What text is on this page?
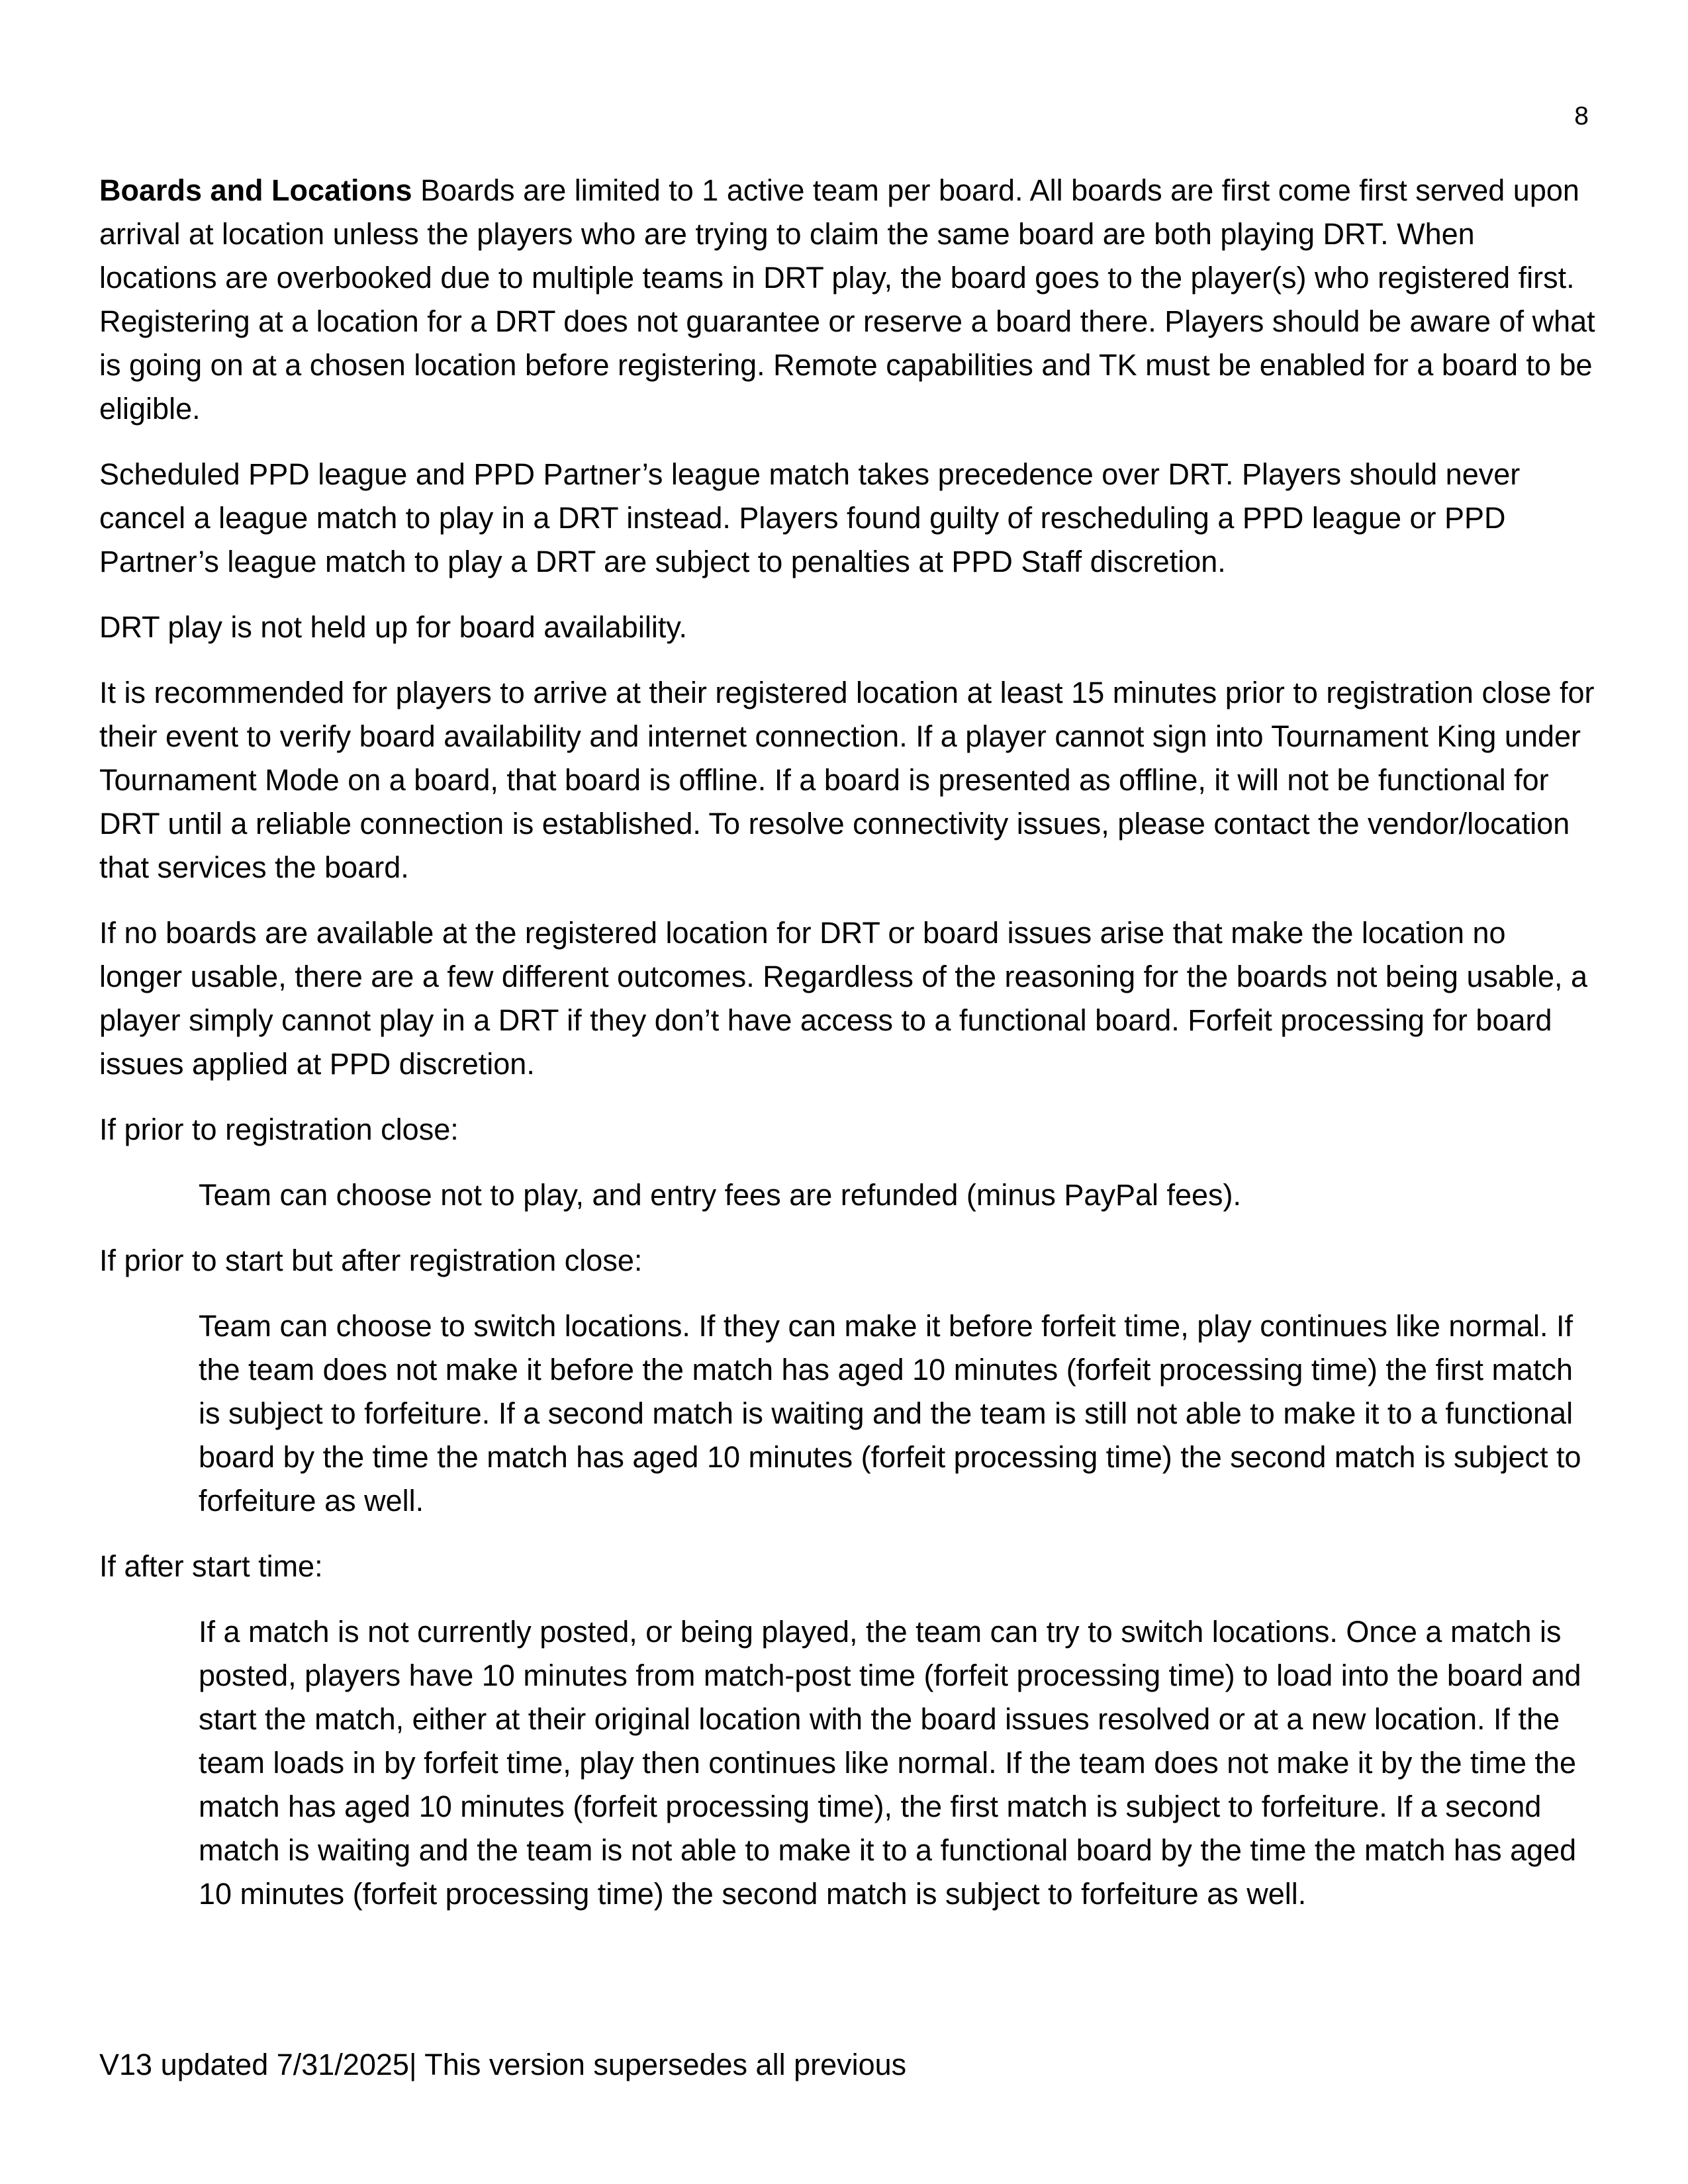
8

Boards and Locations Boards are limited to 1 active team per board. All boards are first come first served upon arrival at location unless the players who are trying to claim the same board are both playing DRT. When locations are overbooked due to multiple teams in DRT play, the board goes to the player(s) who registered first. Registering at a location for a DRT does not guarantee or reserve a board there. Players should be aware of what is going on at a chosen location before registering. Remote capabilities and TK must be enabled for a board to be eligible.

Scheduled PPD league and PPD Partner’s league match takes precedence over DRT. Players should never cancel a league match to play in a DRT instead. Players found guilty of rescheduling a PPD league or PPD Partner’s league match to play a DRT are subject to penalties at PPD Staff discretion.

DRT play is not held up for board availability.

It is recommended for players to arrive at their registered location at least 15 minutes prior to registration close for their event to verify board availability and internet connection. If a player cannot sign into Tournament King under Tournament Mode on a board, that board is offline. If a board is presented as offline, it will not be functional for DRT until a reliable connection is established. To resolve connectivity issues, please contact the vendor/location that services the board.

If no boards are available at the registered location for DRT or board issues arise that make the location no longer usable, there are a few different outcomes. Regardless of the reasoning for the boards not being usable, a player simply cannot play in a DRT if they don’t have access to a functional board. Forfeit processing for board issues applied at PPD discretion.

If prior to registration close:

Team can choose not to play, and entry fees are refunded (minus PayPal fees).

If prior to start but after registration close:

Team can choose to switch locations. If they can make it before forfeit time, play continues like normal. If the team does not make it before the match has aged 10 minutes (forfeit processing time) the first match is subject to forfeiture. If a second match is waiting and the team is still not able to make it to a functional board by the time the match has aged 10 minutes (forfeit processing time) the second match is subject to forfeiture as well.

If after start time:

If a match is not currently posted, or being played, the team can try to switch locations. Once a match is posted, players have 10 minutes from match-post time (forfeit processing time) to load into the board and start the match, either at their original location with the board issues resolved or at a new location. If the team loads in by forfeit time, play then continues like normal. If the team does not make it by the time the match has aged 10 minutes (forfeit processing time), the first match is subject to forfeiture. If a second match is waiting and the team is not able to make it to a functional board by the time the match has aged 10 minutes (forfeit processing time) the second match is subject to forfeiture as well.

V13 updated 7/31/2025| This version supersedes all previous
